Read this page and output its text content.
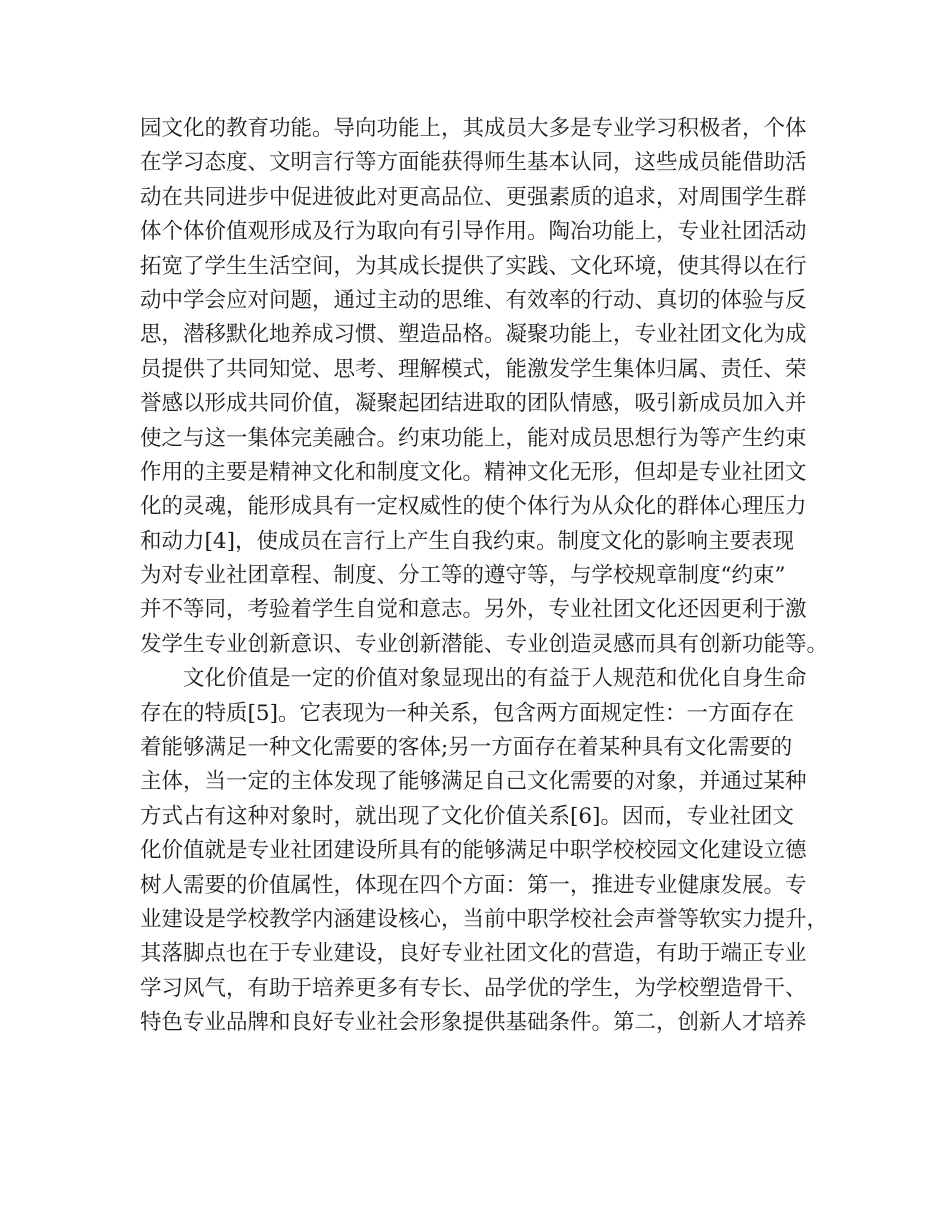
园文化的教育功能。导向功能上，其成员大多是专业学习积极者，个体
在学习态度、文明言行等方面能获得师生基本认同，这些成员能借助活
动在共同进步中促进彼此对更高品位、更强素质的追求，对周围学生群
体个体价值观形成及行为取向有引导作用。陶冶功能上，专业社团活动
拓宽了学生生活空间，为其成长提供了实践、文化环境，使其得以在行
动中学会应对问题，通过主动的思维、有效率的行动、真切的体验与反
思，潜移默化地养成习惯、塑造品格。凝聚功能上，专业社团文化为成
员提供了共同知觉、思考、理解模式，能激发学生集体归属、责任、荣
誉感以形成共同价值，凝聚起团结进取的团队情感，吸引新成员加入并
使之与这一集体完美融合。约束功能上，能对成员思想行为等产生约束
作用的主要是精神文化和制度文化。精神文化无形，但却是专业社团文
化的灵魂，能形成具有一定权威性的使个体行为从众化的群体心理压力
和动力[4]，使成员在言行上产生自我约束。制度文化的影响主要表现
为对专业社团章程、制度、分工等的遵守等，与学校规章制度“约束”
并不等同，考验着学生自觉和意志。另外，专业社团文化还因更利于激
发学生专业创新意识、专业创新潜能、专业创造灵感而具有创新功能等。
文化价值是一定的价值对象显现出的有益于人规范和优化自身生命
存在的特质[5]。它表现为一种关系，包含两方面规定性：一方面存在
着能够满足一种文化需要的客体;另一方面存在着某种具有文化需要的
主体，当一定的主体发现了能够满足自己文化需要的对象，并通过某种
方式占有这种对象时，就出现了文化价值关系[6]。因而，专业社团文
化价值就是专业社团建设所具有的能够满足中职学校校园文化建设立德
树人需要的价值属性，体现在四个方面：第一，推进专业健康发展。专
业建设是学校教学内涵建设核心，当前中职学校社会声誉等软实力提升，
其落脚点也在于专业建设，良好专业社团文化的营造，有助于端正专业
学习风气，有助于培养更多有专长、品学优的学生，为学校塑造骨干、
特色专业品牌和良好专业社会形象提供基础条件。第二，创新人才培养
